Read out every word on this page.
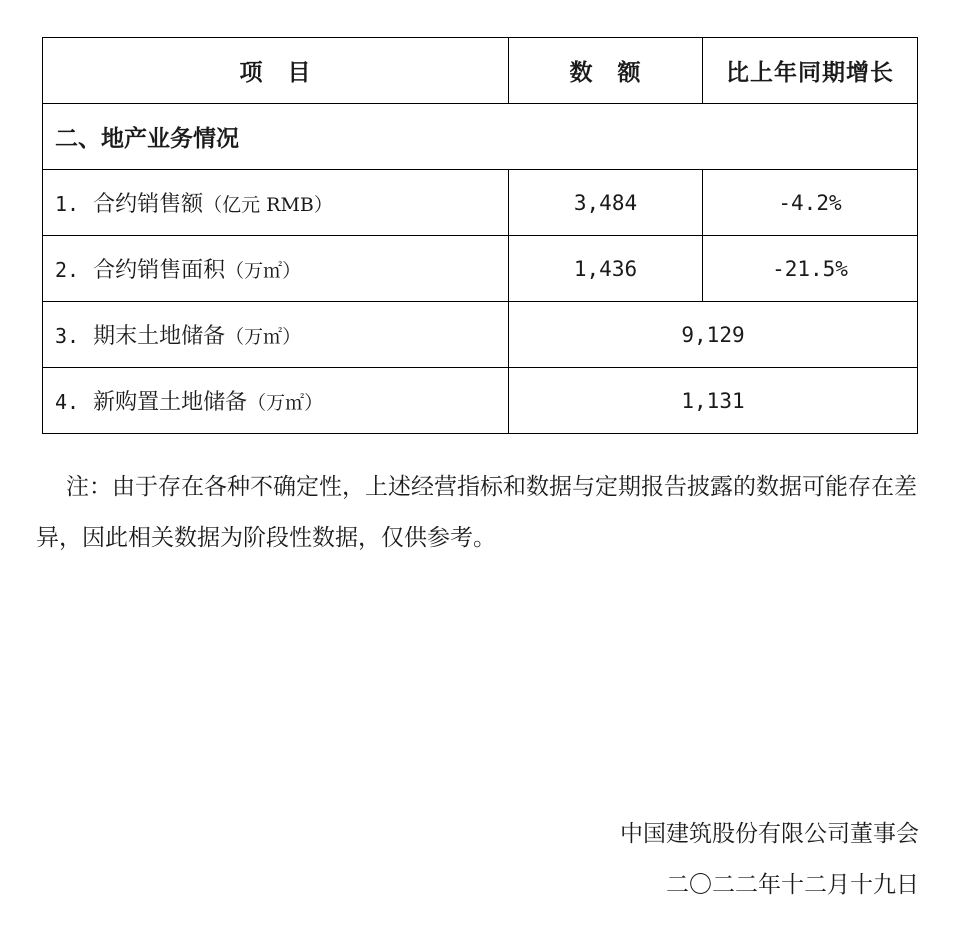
项　目	数　额	比上年同期增长
二、地产业务情况		
1. 合约销售额（亿元 RMB）	3,484	-4.2%
2. 合约销售面积（万㎡）	1,436	-21.5%
3. 期末土地储备（万㎡）	9,129	
4. 新购置土地储备（万㎡）	1,131	
注：由于存在各种不确定性，上述经营指标和数据与定期报告披露的数据可能存在差异，因此相关数据为阶段性数据，仅供参考。
中国建筑股份有限公司董事会
二〇二二年十二月十九日
